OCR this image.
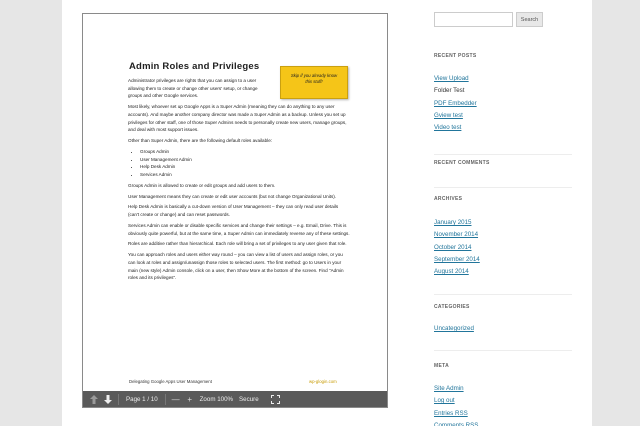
Admin Roles and Privileges
Skip if you already know this stuff!

Administrator privileges are rights that you can assign to a user allowing them to create or change other users' setup, or change groups and other Google services.

Most likely, whoever set up Google Apps is a Super Admin (meaning they can do anything to any user accounts). And maybe another company director was made a Super Admin as a backup. Unless you set up privileges for other staff, one of those Super Admins needs to personally create new users, manage groups, and deal with most support issues.

Other than Super Admin, there are the following default roles available:

• Groups Admin
• User Management Admin
• Help Desk Admin
• Services Admin

Groups Admin is allowed to create or edit groups and add users to them.

User Management means they can create or edit user accounts (but not change Organizational Units).

Help Desk Admin is basically a cut-down version of User Management – they can only read user details (can't create or change) and can reset passwords.

Services Admin can enable or disable specific services and change their settings – e.g. Email, Drive. This is obviously quite powerful, but at the same time, a Super Admin can immediately reverse any of these settings.

Roles are additive rather than hierarchical. Each role will bring a set of privileges to any user given that role.

You can approach roles and users either way round – you can view a list of users and assign roles, or you can look at roles and assign/unassign those roles to selected users. The first method: go to Users in your main (new style) Admin console, click on a user, then Show More at the bottom of the screen. Find "Admin roles and its privileges".

Delegating Google Apps User Management	wp-glogin.com
Page 1 / 10	— +	Zoom 100% Secure
Search
RECENT POSTS
View Upload
Folder Test
PDF Embedder
Gview test
Video test
RECENT COMMENTS
ARCHIVES
January 2015
November 2014
October 2014
September 2014
August 2014
CATEGORIES
Uncategorized
META
Site Admin
Log out
Entries RSS
Comments RSS
